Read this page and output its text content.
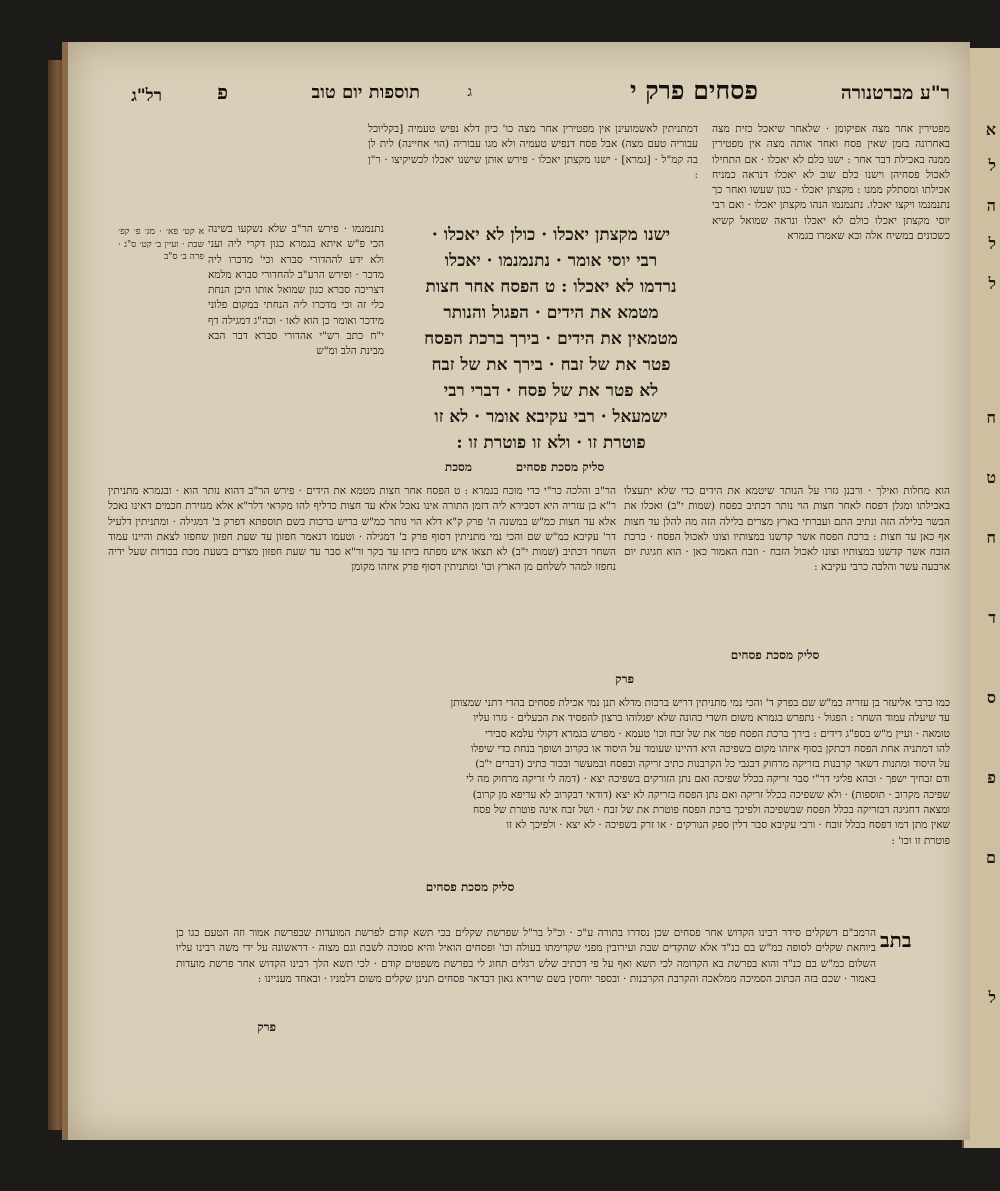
א
ל
ה
ל
ל
ח
ט
ח
ד
ס
פ
ם
ל
רל"ג	פ	תוספות יום טוב	ג	פסחים פרק י	ר"ע מברטנורה
מפטירין אחר מצה אפיקומן · שלאחר שיאכל כזית מצה באחרונה בזמן שאין פסח ואחר אותה מצה אין מפטירין ממנה באכילת דבר אחר : ישנו כלם לא יאכלו · אם התחילו לאכול פסחיהן וישנו כלם שוב לא יאכלו דנראה כמניח אכילתו ומסתלק ממנו : מקצתן יאכלו · כגון שעשו ואחר כך נתנמנמו ויקצו יאכלו. נתנמנמו הנהו מקצתן יאכלו · ואם רבי יוסי מקצתן יאכלו כולם לא יאכלו ונראה שמואל קשיא כשכונים במשיח אלה ובא שאמרו בגמרא
דמתניתין לאשמועינן אין מפטירין אחר מצה כו' כיון דלא נפיש טעמיה [בקליוכל עבוריה טעם מצה) אבל פסח דנפיש טעמיה ולא מגו עבוריה (הוי אחיינה) לית לן בה קמ"ל · [גמרא] · ישנו מקצתן יאכלו · פירש אותן שישנו יאכלו לכשיקיצו · ר"ן :
ישנו מקצתן יאכלו · כולן לא יאכלו ·
רבי יוסי אומר · נתנמנמו · יאכלו
נרדמו לא יאכלו : ט הפסח אחר חצות
מטמא את הידים · הפגול והנותר
מטמאין את הידים · בירך ברכת הפסח
פטר את של זבח · בירך את של זבח
לא פטר את של פסח · דברי רבי
ישמעאל · רבי עקיבא אומר · לא זו
פוטרת זו · ולא זו פוטרת זו :
סליק מסכת פסחים
נתנמנמו · פירש הר"ב שלא נשקעו בשינה הכי פ"ש איתא בגמרא כגון דקרי ליה ועני ולא ידע לההדורי סברא וכי' מדכרו ליה מדכר · ופירש הרע"ב להחדורי סברא מלמא דצריכה סברא כגון שמואל אותו היכן הנחת כלי זה וכי מדכרו ליה הנחתי במקום פלוני מידכר ואומר כן הוא לאו · וכה"ג דמגילה דף י"ח כתב רש"י אהדורי סברא דבר הבא מבינת הלב ומ"ש
א קט׳ פא׳ · מג׳ פ׳ קפ׳ שבת · ועיין ב׳ קט׳ ס"ג · פרה ב׳ ס"ב
הוא מחלות ואילך · ורבנן גזרו על הנותר שיטמא את הידים כדי שלא יתעצלו באכילתו ומגלן דפסח לאחר חצות הוי נותר דכתיב בפסח (שמות י"ב) ואכלו את הבשר בלילה הזה ונתיב התם ועברתי בארץ מצרים בלילה הזה מה להלן עד חצות אף כאן עד חצות : ברכת הפסח אשר קדשנו במצותיו וצונו לאכול הפסח · ברכת הזבח אשר קדשנו במצותיו וצונו לאכול הזבח · וזבח האמור כאן · הוא חגיגת יום ארבעה עשר והלכה כרבי עקיבא :
מסכת
סליק מסכת פסחים
פרק
הר"ב והלכה כר"י כדי מוכח בגמרא : ט הפסח אחר חצות מטמא את הידים · פירש הר"ב דהוא נותר הוא · ובגמרא מתניתין ר"א בן עזריה היא דסבירא ליה דזמן התורה אינו נאכל אלא עד חצות כדליף להו מקראי דלר"א אלא מגזירת חכמים דאינו נאכל אלא עד חצות כמ"ש במשנה ה' פרק ק"א דלא הוי נותר כמ"ש בריש ברכות בשם תוספתא דפרק ב' דמגילה · ומתניתין דלעיל דר' עקיבא כמ"ש שם והכי נמי מתניתין דסוף פרק ב' דמגילה · וטעמו דנאמר חפזון עד שעת חפזון שחפזו לצאת והיינו עמוד השחר דכתיב (שמות י"ב) לא תצאו איש מפתח ביתו עד בקר ור"א סבר עד שעת חפזון מצרים בשעת מכת בכורות שעל ידיה נחפזו למהר לשלחם מן הארץ וכו' ומתניתין דסוף פרק איזהו מקומן
כמו כרבי אליעזר בן עזריה כמ"ש שם בפרק ד' והכי נמי מתניתין דריש ברכות מדלא תנן נמי אכילת פסחים בהדי דתני שמצותן
עד שיעלה עמוד השחר : הפגול · נתפרש בגמרא משום חשדי כהונה שלא יפגלוהו ברצון להפסיד את הבעלים · גזרו עליו
טומאה · ועיין מ"ש בספ"ג דידים : בירך ברכת הפסח פטר את של זבח וכו' טעמא · מפרש בגמרא דקולי עלמא סבירי
להו דמתניה אחת הפסח דכתקן בסוף איזהו מקום בשפיכה היא דהיינו שעומד על היסוד או בקרוב ושופך בנחת כדי שיפלו
על היסוד ומתנות דשאר קרבנות בזריקה מרחוק דבגבי כל הקרבנות כתיב זריקה ובפסח ובמעשר ובכור כתיב (דברים י"ב)
ודם זבחיך ישפך · ובהא פליגי דר"י סבר זריקה בכלל שפיכה ואם נתן הזורקים בשפיכה יצא · (דמה לי זריקה מרחוק מה לי
שפיכה מקרוב · תוספות) · ולא ששפיכה בכלל זריקה ואם נתן הפסח בזריקה לא יצא (דודאי דבקרוב לא עדיפא מן קרוב)
ומצאה דחגיגה דבזריקה בכלל הפסח שבשפיכה ולפיכך ברכת הפסח פוטרת את של זבח · ושל זבח אינה פוטרת של פסח
שאין מתן דמו דפסח בכלל זובח · ורבי עקיבא סבר דלין ספק הנורקים · או זרק בשפיכה · לא יצא · ולפיכך לא זו
פוטרת זו וכו' :
סליק מסכת פסחים
בתב
הרמב"ם דשקלים סידר רבינו הקדוש אחר פסחים שכן נסדרו בתורה ע"כ · וכ"ל בר"ל שפרשת שקלים בכי תשא קודם לפרשת המועדות שבפרשת אמור וזה הטעם כגו כן ביוחאת שקלים לסופה כמ"ש בם כנ"ד אלא שהקדים שבת ועירובין מפני שקדימתו בעולה וכו' ופסחים הואיל והיא סמוכה לשבת וגם מצוה · דראשונה על ידי משה רבינו עליו השלום כמ"ש בם כנ"ד והוא בפרשת בא הקדומה לכי תשא ואף על פי דכתיב שלש רגלים תחוג לי בפרשת משפטים קודם · לכי תשא הלך רבינו הקדוש אחר פרשת מועדות באמור · שכם בזה הכתוב הסמיכה ממלאכה והקרבת הקרבנות · ובספר יוחסין בשם שרירא גאון דבדאר פסחים תנינן שקלים משום דלמניו · ובאחד מעניינו :
פרק
